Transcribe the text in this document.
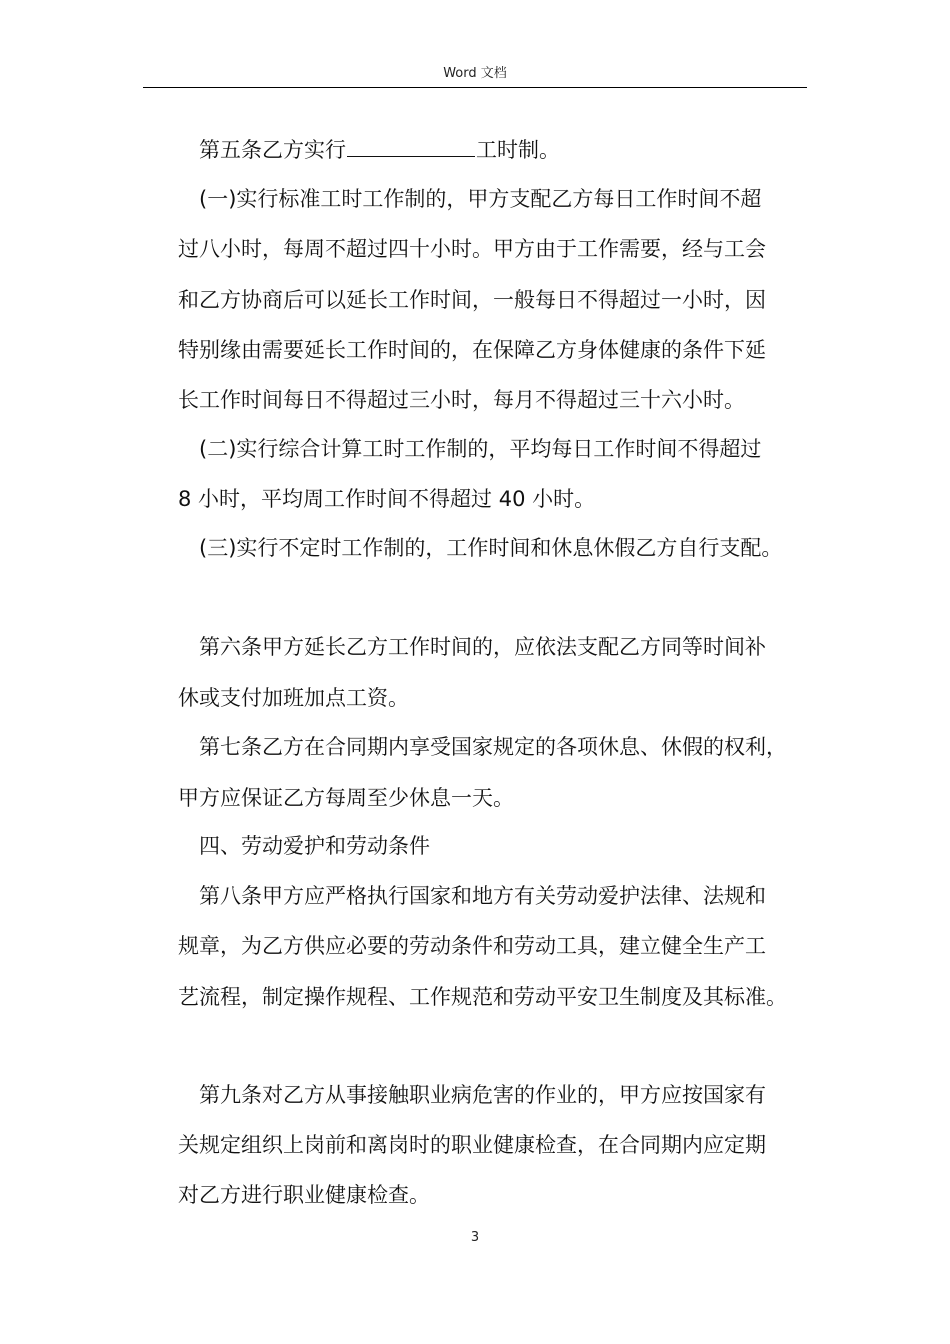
Word 文档
第五条乙方实行	工时制。
(一)实行标准工时工作制的，甲方支配乙方每日工作时间不超
过八小时，每周不超过四十小时。甲方由于工作需要，经与工会
和乙方协商后可以延长工作时间，一般每日不得超过一小时，因
特别缘由需要延长工作时间的，在保障乙方身体健康的条件下延
长工作时间每日不得超过三小时，每月不得超过三十六小时。
(二)实行综合计算工时工作制的，平均每日工作时间不得超过
8 小时，平均周工作时间不得超过 40 小时。
(三)实行不定时工作制的，工作时间和休息休假乙方自行支配。
第六条甲方延长乙方工作时间的，应依法支配乙方同等时间补
休或支付加班加点工资。
第七条乙方在合同期内享受国家规定的各项休息、休假的权利，
甲方应保证乙方每周至少休息一天。
四、劳动爱护和劳动条件
第八条甲方应严格执行国家和地方有关劳动爱护法律、法规和
规章，为乙方供应必要的劳动条件和劳动工具，建立健全生产工
艺流程，制定操作规程、工作规范和劳动平安卫生制度及其标准。
第九条对乙方从事接触职业病危害的作业的，甲方应按国家有
关规定组织上岗前和离岗时的职业健康检查，在合同期内应定期
对乙方进行职业健康检查。
3
